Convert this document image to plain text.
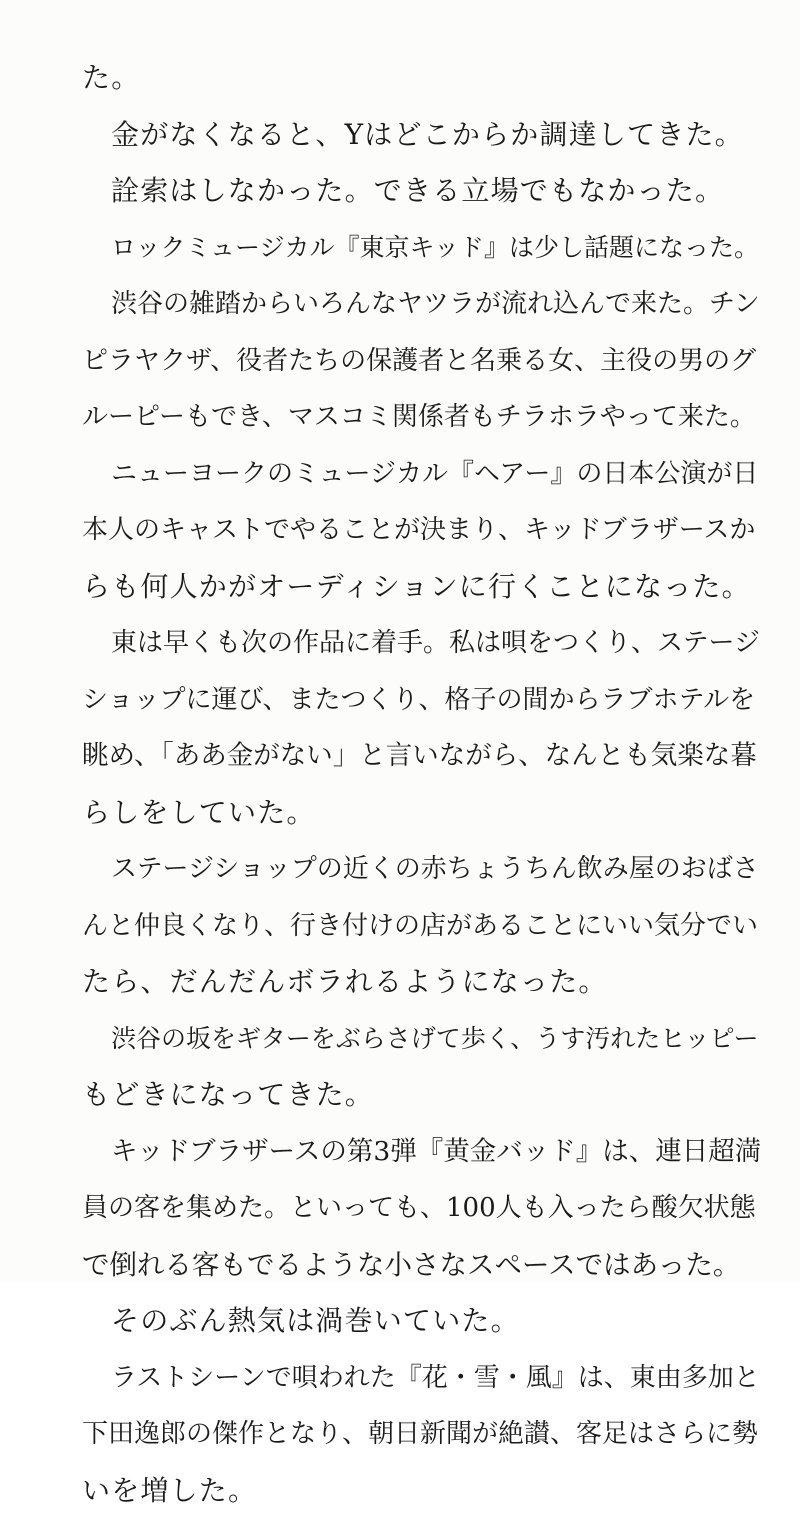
た。
金がなくなると、Yはどこからか調達してきた。
詮索はしなかった。できる立場でもなかった。
ロックミュージカル『東京キッド』は少し話題になった。
渋谷の雑踏からいろんなヤツラが流れ込んで来た。チン
ピラヤクザ、役者たちの保護者と名乗る女、主役の男のグ
ルーピーもでき、マスコミ関係者もチラホラやって来た。
ニューヨークのミュージカル『ヘアー』の日本公演が日
本人のキャストでやることが決まり、キッドブラザースか
らも何人かがオーディションに行くことになった。
東は早くも次の作品に着手。私は唄をつくり、ステージ
ショップに運び、またつくり、格子の間からラブホテルを
眺め、「ああ金がない」と言いながら、なんとも気楽な暮
らしをしていた。
ステージショップの近くの赤ちょうちん飲み屋のおばさ
んと仲良くなり、行き付けの店があることにいい気分でい
たら、だんだんボラれるようになった。
渋谷の坂をギターをぶらさげて歩く、うす汚れたヒッピー
もどきになってきた。
キッドブラザースの第3弾『黄金バッド』は、連日超満
員の客を集めた。といっても、100人も入ったら酸欠状態
で倒れる客もでるような小さなスペースではあった。
そのぶん熱気は渦巻いていた。
ラストシーンで唄われた『花・雪・風』は、東由多加と
下田逸郎の傑作となり、朝日新聞が絶讃、客足はさらに勢
いを増した。
